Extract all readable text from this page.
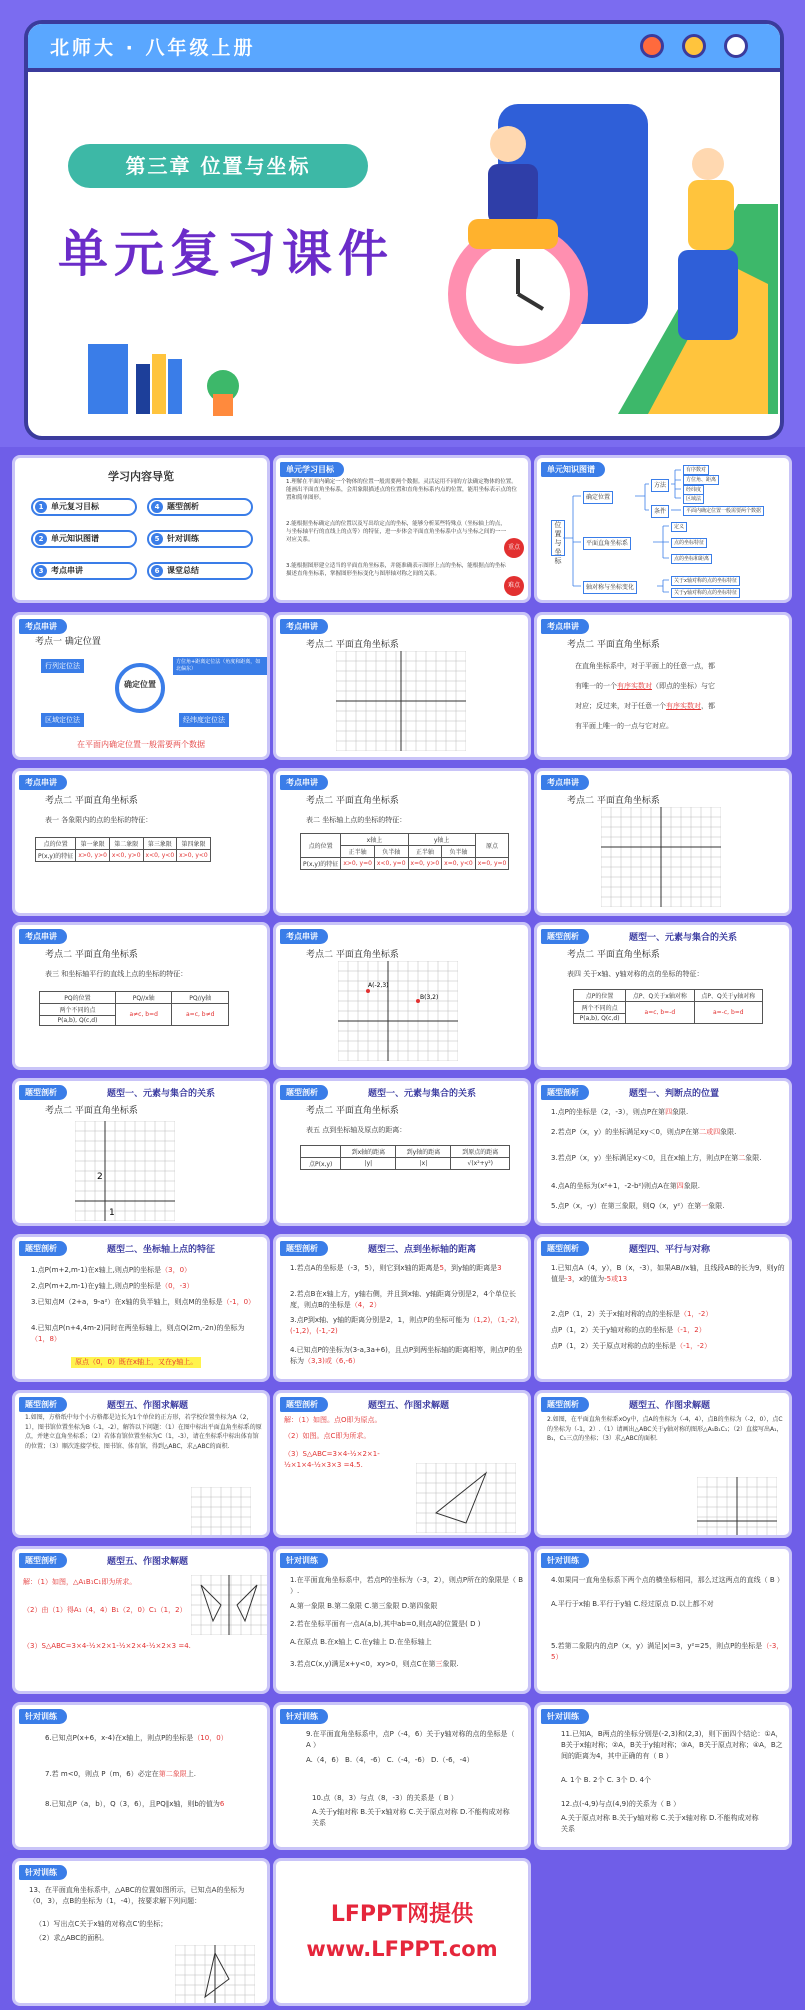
北师大 · 八年级上册
第三章 位置与坐标
单元复习课件
学习内容导览
1 单元复习目标	4 题型剖析
2 单元知识图谱	5 针对训练
3 考点串讲	6 课堂总结
单元学习目标
1.理解在平面内确定一个物体的位置一般需要两个数据。灵活运用不同的方法确定物体的位置。能画出平面直角坐标系，会用象限描述点的位置和直角坐标系内点的位置，能用坐标表示点的位置和简单图形。
2.能根据坐标确定点的位置以及写出给定点的坐标，能够分析某些特殊点（坐标轴上的点，与坐标轴平行的直线上的点等）的特征，进一步体会平面直角坐标系中点与坐标之间的一一对应关系。
3.能根据图形建立适当的平面直角坐标系，并能准确表示图形上点的坐标，能根据点的坐标描述直角坐标系，掌握图形坐标变化与图形轴对称之间的关系。
重点
难点
单元知识图谱
位置与坐标
确定位置
平面直角坐标系
轴对称与坐标变化
方法
条件
有序数对
方位角、距离
经纬度
区域法
平面内确定位置一般需要两个数据
定义
点的坐标特征
点的坐标和距离
关于x轴对称的点的坐标特征
关于y轴对称的点的坐标特征
考点串讲
考点一 确定位置
确定位置
行列定位法	方位角+距离定位法（角度和距离，如北偏东）
区域定位法	经纬度定位法
在平面内确定位置一般需要两个数据
考点串讲
考点二 平面直角坐标系
考点串讲
考点二 平面直角坐标系
在直角坐标系中，对于平面上的任意一点，都
有唯一的一个有序实数对（即点的坐标）与它
对应；反过来，对于任意一个有序实数对，都
有平面上唯一的一点与它对应。
考点串讲
考点二 平面直角坐标系
表一 各象限内的点的坐标的特征：
点的位置	第一象限	第二象限	第三象限	第四象限
P(x,y)的特征	x>0, y>0	x<0, y>0	x<0, y<0	x>0, y<0
考点串讲
考点二 平面直角坐标系
表二 坐标轴上点的坐标的特征：
点的位置	x轴上		y轴上		原点
	正半轴	负半轴	正半轴	负半轴	
P(x,y)的特征	x>0, y=0	x<0, y=0	x=0, y>0	x=0, y<0	x=0, y=0
考点串讲
考点二 平面直角坐标系
考点串讲
考点二 平面直角坐标系
表三 和坐标轴平行的直线上点的坐标的特征：
PQ的位置	PQ//x轴	PQ//y轴
两个不同的点	a≠c, b=d	a=c, b≠d
P(a,b), Q(c,d)		
考点串讲
考点二 平面直角坐标系
A(-2,3)
B(3,2)
题型剖析	题型一、元素与集合的关系
考点二 平面直角坐标系
表四 关于x轴、y轴对称的点的坐标的特征：
点P的位置	点P、Q关于x轴对称	点P、Q关于y轴对称
两个不同的点	a=c, b=-d	a=-c, b=d
P(a,b), Q(c,d)		
题型剖析	题型一、元素与集合的关系
考点二 平面直角坐标系
2
1
题型剖析	题型一、元素与集合的关系
考点二 平面直角坐标系
表五 点到坐标轴及原点的距离：
	到x轴的距离	到y轴的距离	到原点的距离
点P(x,y)	|y|	|x|	√(x²+y²)
题型剖析	题型一、判断点的位置
1.点P的坐标是（2，-3），则点P在第四象限.
2.若点P（x，y）的坐标满足xy＜0，则点P在第二或四象限.
3.若点P（x，y）坐标满足xy＜0，且在x轴上方，则点P在第二象限.
4.点A的坐标为(x²+1，-2-b²)则点A在第四象限.
5.点P（x，-y）在第三象限，则Q（x，y²）在第一象限.
题型剖析	题型二、坐标轴上点的特征
1.点P(m+2,m-1)在x轴上,则点P的坐标是（3，0）
2.点P(m+2,m-1)在y轴上,则点P的坐标是（0，-3）
3.已知点M（2+a，9-a²）在x轴的负半轴上，则点M的坐标是（-1，0）
4.已知点P(n+4,4m-2)同时在两坐标轴上，则点Q(2m,-2n)的坐标为（1，8）
原点（0，0）既在x轴上，又在y轴上。
题型剖析	题型三、点到坐标轴的距离
1.若点A的坐标是（-3，5），则它到x轴的距离是5，到y轴的距离是3
2.若点B在x轴上方，y轴右侧，并且到x轴、y轴距离分别是2，4个单位长度，则点B的坐标是（4，2）
3.点P到x轴、y轴的距离分别是2，1，则点P的坐标可能为（1,2)，（1,-2)，(-1,2)，(-1,-2)
4.已知点P的坐标为(3-a,3a+6)，且点P到两坐标轴的距离相等，则点P的坐标为（3,3)或（6,-6）
题型剖析	题型四、平行与对称
1.已知点A（4，y），B（x，-3），如果AB//x轴，且线段AB的长为9，则y的值是-3，x的值为-5或13
2.点P（1，2）关于x轴对称的点的坐标是（1，-2）
点P（1，2）关于y轴对称的点的坐标是（-1，2）
点P（1，2）关于原点对称的点的坐标是（-1，-2）
题型剖析	题型五、作图求解题
1.如图，方格纸中每个小方格都是边长为1个单位的正方形，若学校位置坐标为A（2，1），图书馆位置坐标为B（-1，-2），解答以下问题：（1）在图中标出平面直角坐标系的原点，并建立直角坐标系；（2）若体育馆位置坐标为C（1，-3），请在坐标系中标出体育馆的位置；（3）顺次连接学校、图书馆、体育馆，得到△ABC，求△ABC的面积.
题型剖析	题型五、作图求解题
解：（1）如图。点O即为原点。
（2）如图。点C即为所求。
（3）S△ABC=3×4-½×2×1-½×1×4-½×3×3 =4.5.
题型剖析	题型五、作图求解题
2.如图，在平面直角坐标系xOy中，点A的坐标为（-4，4），点B的坐标为（-2，0），点C的坐标为（-1，2）.（1）请画出△ABC关于y轴对称的图形△A₁B₁C₁；（2）直接写出A₁，B₁，C₁三点的坐标；（3）求△ABC的面积.
题型剖析	题型五、作图求解题
解：（1）如图，△A₁B₁C₁即为所求。
（2）由（1）得A₁（4，4）B₁（2，0）C₁（1，2）
（3）S△ABC=3×4-½×2×1-½×2×4-½×2×3 =4.
针对训练
1.在平面直角坐标系中，若点P的坐标为（-3，2），则点P所在的象限是（ B ）.
A.第一象限 B.第二象限 C.第三象限 D.第四象限
2.若在坐标平面有一点A(a,b),其中ab=0,则点A的位置是( D )
A.在原点 B.在x轴上 C.在y轴上 D.在坐标轴上
3.若点C(x,y)满足x+y<0，xy>0，则点C在第三象限.
针对训练
4.如果同一直角坐标系下两个点的横坐标相同，那么过这两点的直线（ B ）
A.平行于x轴 B.平行于y轴 C.经过原点 D.以上都不对
5.若第二象限内的点P（x，y）满足|x|=3，y²=25，则点P的坐标是（-3，5）
针对训练
6.已知点P(x+6，x-4)在x轴上，则点P的坐标是（10，0）
7.若 m<0，则点 P（m，6）必定在第二象限上.
8.已知点P（a，b），Q（3，6），且PQ∥x轴，则b的值为6
针对训练
9.在平面直角坐标系中，点P（-4，6）关于y轴对称的点的坐标是（ A ）
A.（4，6） B.（4，-6） C.（-4，-6） D.（-6，-4）
10.点（8，3）与点（8，-3）的关系是（ B ）
A.关于y轴对称 B.关于x轴对称 C.关于原点对称 D.不能构成对称关系
针对训练
11.已知A，B两点的坐标分别是(-2,3)和(2,3)，则下面四个结论：①A，B关于x轴对称；②A，B关于y轴对称；③A，B关于原点对称；④A，B之间的距离为4，其中正确的有（ B ）
A. 1个 B. 2个 C. 3个 D. 4个
12.点(-4,9)与点(4,9)的关系为（ B ）
A.关于原点对称 B.关于y轴对称 C.关于x轴对称 D.不能构成对称关系
针对训练
13、在平面直角坐标系中，△ABC的位置如图所示，已知点A的坐标为（0，3），点B的坐标为（1，-4），按要求解下列问题：
（1）写出点C关于x轴的对称点C'的坐标；
（2）求△ABC的面积。
LFPPT网提供
www.LFPPT.com
